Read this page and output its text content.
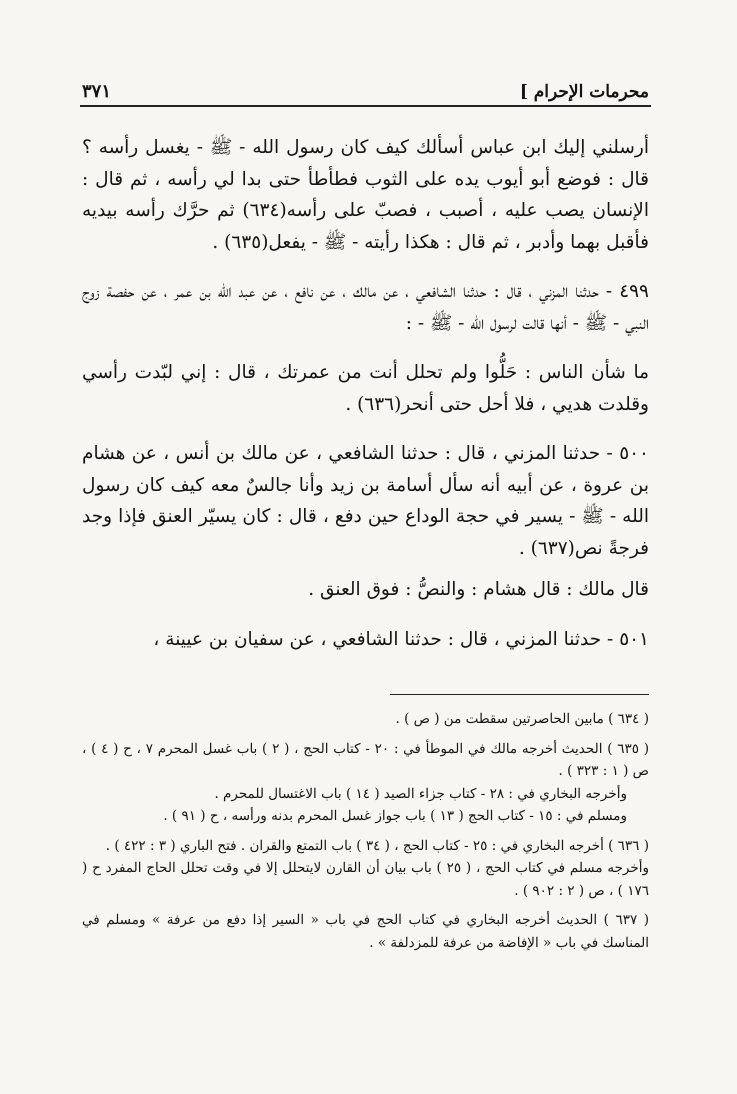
محرمات الإحرام ]
٣٧١

أرسلني إليك ابن عباس أسألك كيف كان رسول الله - ﷺ - يغسل رأسه ؟ قال : فوضع أبو أيوب يده على الثوب فطأطأ حتى بدا لي رأسه ، ثم قال : الإنسان يصب عليه ، أصبب ، فصبّ على رأسه(٦٣٤) ثم حرَّك رأسه بيديه فأقبل بهما وأدبر ، ثم قال : هكذا رأيته - ﷺ - يفعل(٦٣٥) .

٤٩٩ - حدثنا المزني ، قال : حدثنا الشافعي ، عن مالك ، عن نافع ، عن عبد الله بن عمر ، عن حفصة زوج النبي - ﷺ - أنها قالت لرسول الله - ﷺ - :

ما شأن الناس : حَلُّوا ولم تحلل أنت من عمرتك ، قال : إني لبّدت رأسي وقلدت هديي ، فلا أحل حتى أنحر(٦٣٦) .

٥٠٠ - حدثنا المزني ، قال : حدثنا الشافعي ، عن مالك بن أنس ، عن هشام بن عروة ، عن أبيه أنه سأل أسامة بن زيد وأنا جالسٌ معه كيف كان رسول الله - ﷺ - يسير في حجة الوداع حين دفع ، قال : كان يسيّر العنق فإذا وجد فرجةً نص(٦٣٧) .

قال مالك : قال هشام : والنصُّ : فوق العنق .

٥٠١ - حدثنا المزني ، قال : حدثنا الشافعي ، عن سفيان بن عيينة ،

( ٦٣٤ ) مابين الحاصرتين سقطت من ( ص ) .

( ٦٣٥ ) الحديث أخرجه مالك في الموطأ في : ٢٠ - كتاب الحج ، ( ٢ ) باب غسل المحرم ٧ ، ح ( ٤ ) ، ص ( ١ : ٣٢٣ ) .

وأخرجه البخاري في : ٢٨ - كتاب جزاء الصيد ( ١٤ ) باب الاغتسال للمحرم .

ومسلم في : ١٥ - كتاب الحج ( ١٣ ) باب جواز غسل المحرم بدنه ورأسه ، ح ( ٩١ ) .

( ٦٣٦ ) أخرجه البخاري في : ٢٥ - كتاب الحج ، ( ٣٤ ) باب التمتع والقران . فتح الباري ( ٣ : ٤٢٢ ) .

وأخرجه مسلم في كتاب الحج ، ( ٢٥ ) باب بيان أن القارن لايتحلل إلا في وقت تحلل الحاج المفرد ح ( ١٧٦ ) ، ص ( ٢ : ٩٠٢ ) .

( ٦٣٧ ) الحديث أخرجه البخاري في كتاب الحج في باب « السير إذا دفع من عرفة » ومسلم في المناسك في باب « الإفاضة من عرفة للمزدلفة » .
